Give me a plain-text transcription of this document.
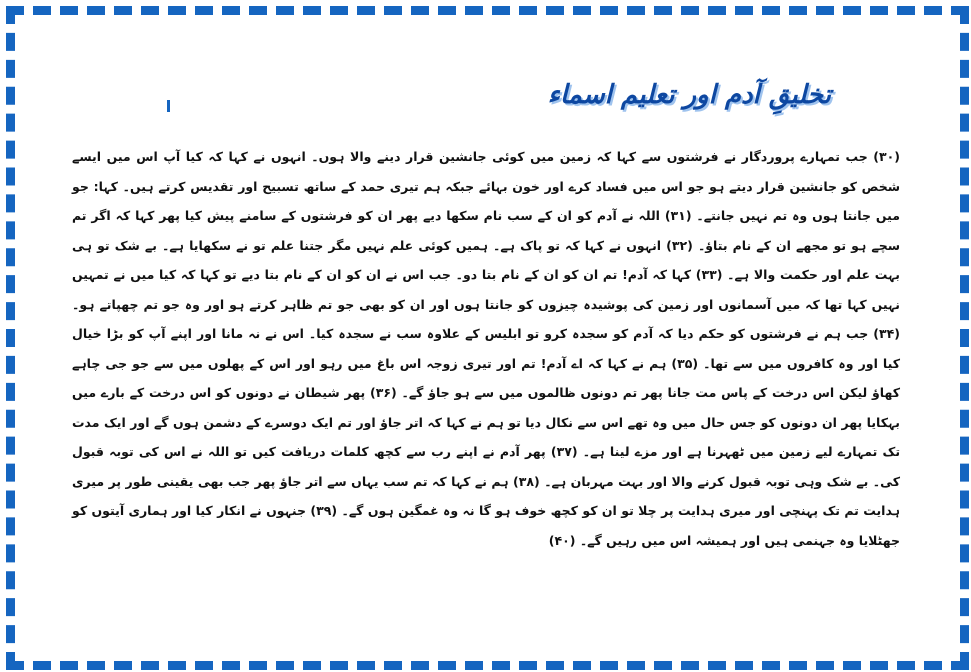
تخلیقِ آدم اور تعلیم اسماء
(۳۰) جب تمہارے پروردگار نے فرشتوں سے کہا کہ زمین میں کوئی جانشین قرار دینے والا ہوں۔ انہوں نے کہا کہ کیا آپ اس میں ایسے شخص کو جانشین قرار دیتے ہو جو اس میں فساد کرے اور خون بہائے جبکہ ہم تیری حمد کے ساتھ تسبیح اور تقدیس کرتے ہیں۔ کہا: جو میں جانتا ہوں وہ تم نہیں جانتے۔ (۳۱) اللہ نے آدم کو ان کے سب نام سکھا دیے پھر ان کو فرشتوں کے سامنے پیش کیا پھر کہا کہ اگر تم سچے ہو تو مجھے ان کے نام بتاؤ۔ (۳۲) انہوں نے کہا کہ تو پاک ہے۔ ہمیں کوئی علم نہیں مگر جتنا علم تو نے سکھایا ہے۔ بے شک تو ہی بہت علم اور حکمت والا ہے۔ (۳۳) کہا کہ آدم! تم ان کو ان کے نام بتا دو۔ جب اس نے ان کو ان کے نام بتا دیے تو کہا کہ کیا میں نے تمہیں نہیں کہا تھا کہ میں آسمانوں اور زمین کی پوشیدہ چیزوں کو جانتا ہوں اور ان کو بھی جو تم ظاہر کرتے ہو اور وہ جو تم چھپاتے ہو۔ (۳۴) جب ہم نے فرشتوں کو حکم دیا کہ آدم کو سجدہ کرو تو ابلیس کے علاوہ سب نے سجدہ کیا۔ اس نے نہ مانا اور اپنے آپ کو بڑا خیال کیا اور وہ کافروں میں سے تھا۔ (۳۵) ہم نے کہا کہ اے آدم! تم اور تیری زوجہ اس باغ میں رہو اور اس کے پھلوں میں سے جو جی چاہے کھاؤ لیکن اس درخت کے پاس مت جانا پھر تم دونوں ظالموں میں سے ہو جاؤ گے۔ (۳۶) پھر شیطان نے دونوں کو اس درخت کے بارے میں بہکایا پھر ان دونوں کو جس حال میں وہ تھے اس سے نکال دیا تو ہم نے کہا کہ اتر جاؤ اور تم ایک دوسرے کے دشمن ہوں گے اور ایک مدت تک تمہارے لیے زمین میں ٹھہرنا ہے اور مزے لینا ہے۔ (۳۷) پھر آدم نے اپنے رب سے کچھ کلمات دریافت کیں تو اللہ نے اس کی توبہ قبول کی۔ بے شک وہی توبہ قبول کرنے والا اور بہت مہربان ہے۔ (۳۸) ہم نے کہا کہ تم سب یہاں سے اتر جاؤ پھر جب بھی یقینی طور پر میری ہدایت تم تک پہنچی اور میری ہدایت پر چلا تو ان کو کچھ خوف ہو گا نہ وہ غمگین ہوں گے۔ (۳۹) جنہوں نے انکار کیا اور ہماری آیتوں کو جھٹلایا وہ جہنمی ہیں اور ہمیشہ اس میں رہیں گے۔ (۴۰)
